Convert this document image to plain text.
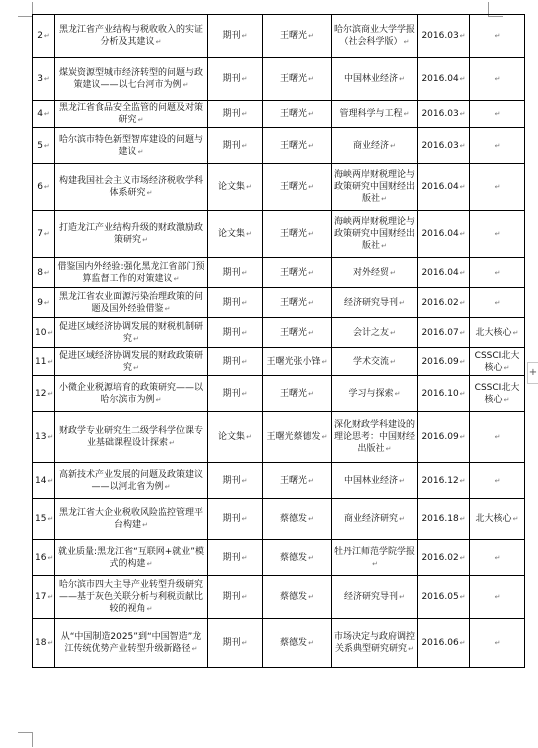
2↵	黑龙江省产业结构与税收收入的实证分析及其建议↵	期刊↵	王曙光↵	哈尔滨商业大学学报（社会科学版）↵	2016.03↵	↵
3↵	煤炭资源型城市经济转型的问题与政策建议——以七台河市为例↵	期刊↵	王曙光↵	中国林业经济↵	2016.04↵	↵
4↵	黑龙江省食品安全监管的问题及对策研究↵	期刊↵	王曙光↵	管理科学与工程↵	2016.03↵	↵
5↵	哈尔滨市特色新型智库建设的问题与建议↵	期刊↵	王曙光↵	商业经济↵	2016.03↵	↵
6↵	构建我国社会主义市场经济税收学科体系研究↵	论文集↵	王曙光↵	海峡两岸财税理论与政策研究中国财经出版社↵	2016.04↵	↵
7↵	打造龙江产业结构升级的财政激励政策研究↵	论文集↵	王曙光↵	海峡两岸财税理论与政策研究中国财经出版社↵	2016.04↵	↵
8↵	借鉴国内外经验:强化黑龙江省部门预算监督工作的对策建议↵	期刊↵	王曙光↵	对外经贸↵	2016.04↵	↵
9↵	黑龙江省农业面源污染治理政策的问题及国外经验借鉴↵	期刊↵	王曙光↵	经济研究导刊↵	2016.02↵	↵
10↵	促进区域经济协调发展的财税机制研究↵	期刊↵	王曙光↵	会计之友↵	2016.07↵	北大核心↵
11↵	促进区域经济协调发展的财政政策研究↵	期刊↵	王曙光张小锋↵	学术交流↵	2016.09↵	CSSCI北大核心↵
12↵	小微企业税源培育的政策研究——以哈尔滨市为例↵	期刊↵	王曙光↵	学习与探索↵	2016.10↵	CSSCI北大核心↵
13↵	财政学专业研究生二级学科学位课专业基础课程设计探索↵	论文集↵	王曙光蔡德发↵	深化财政学科建设的理论思考：中国财经出版社↵	2016.09↵	↵
14↵	高新技术产业发展的问题及政策建议——以河北省为例↵	期刊↵	王曙光↵	中国林业经济↵	2016.12↵	↵
15↵	黑龙江省大企业税收风险监控管理平台构建↵	期刊↵	蔡德发↵	商业经济研究↵	2016.18↵	北大核心↵
16↵	就业质量:黑龙江省“互联网+就业”模式的构建↵	期刊↵	蔡德发↵	牡丹江师范学院学报↵	2016.02↵	↵
17↵	哈尔滨市四大主导产业转型升级研究——基于灰色关联分析与利税贡献比较的视角↵	期刊↵	蔡德发↵	经济研究导刊↵	2016.05↵	↵
18↵	从“中国制造2025”到“中国智造”龙江传统优势产业转型升级新路径↵	期刊↵	蔡德发↵	市场决定与政府调控关系典型研究研究↵	2016.06↵	↵
+
